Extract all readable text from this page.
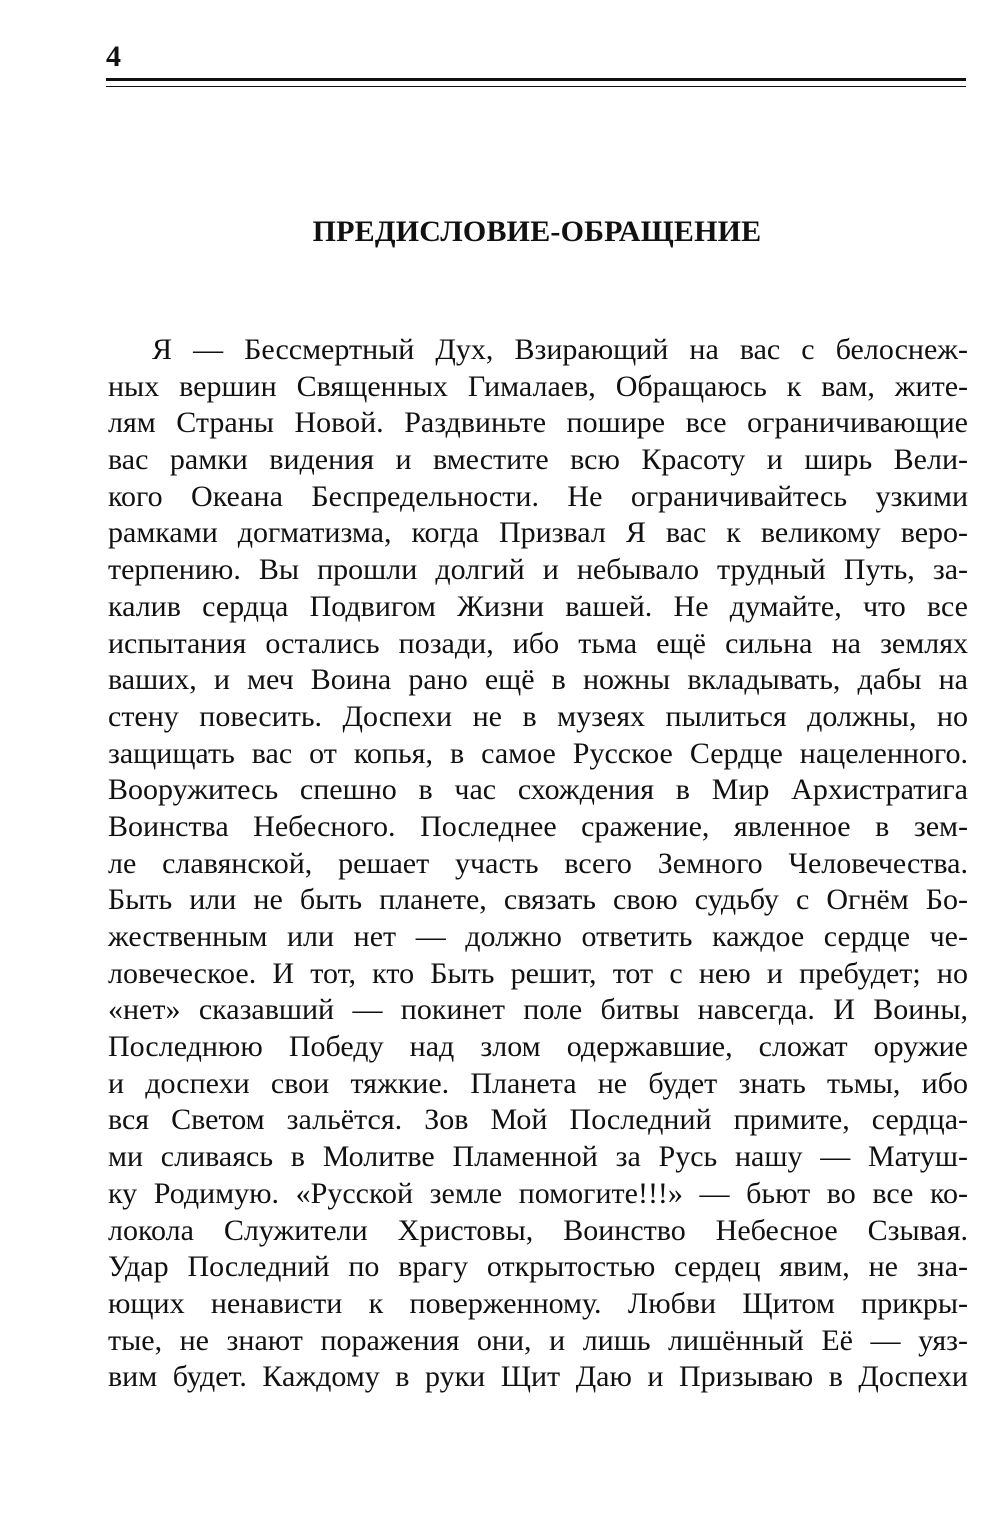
4
ПРЕДИСЛОВИЕ-ОБРАЩЕНИЕ
Я — Бессмертный Дух, Взирающий на вас с белоснеж-
ных вершин Священных Гималаев, Обращаюсь к вам, жите-
лям Страны Новой. Раздвиньте пошире все ограничивающие
вас рамки видения и вместите всю Красоту и ширь Вели-
кого Океана Беспредельности. Не ограничивайтесь узкими
рамками догматизма, когда Призвал Я вас к великому веро-
терпению. Вы прошли долгий и небывало трудный Путь, за-
калив сердца Подвигом Жизни вашей. Не думайте, что все
испытания остались позади, ибо тьма ещё сильна на землях
ваших, и меч Воина рано ещё в ножны вкладывать, дабы на
стену повесить. Доспехи не в музеях пылиться должны, но
защищать вас от копья, в самое Русское Сердце нацеленного.
Вооружитесь спешно в час схождения в Мир Архистратига
Воинства Небесного. Последнее сражение, явленное в зем-
ле славянской, решает участь всего Земного Человечества.
Быть или не быть планете, связать свою судьбу с Огнём Бо-
жественным или нет — должно ответить каждое сердце че-
ловеческое. И тот, кто Быть решит, тот с нею и пребудет; но
«нет» сказавший — покинет поле битвы навсегда. И Воины,
Последнюю Победу над злом одержавшие, сложат оружие
и доспехи свои тяжкие. Планета не будет знать тьмы, ибо
вся Светом зальётся. Зов Мой Последний примите, сердца-
ми сливаясь в Молитве Пламенной за Русь нашу — Матуш-
ку Родимую. «Русской земле помогите!!!» — бьют во все ко-
локола Служители Христовы, Воинство Небесное Сзывая.
Удар Последний по врагу открытостью сердец явим, не зна-
ющих ненависти к поверженному. Любви Щитом прикры-
тые, не знают поражения они, и лишь лишённый Её — уяз-
вим будет. Каждому в руки Щит Даю и Призываю в Доспехи
